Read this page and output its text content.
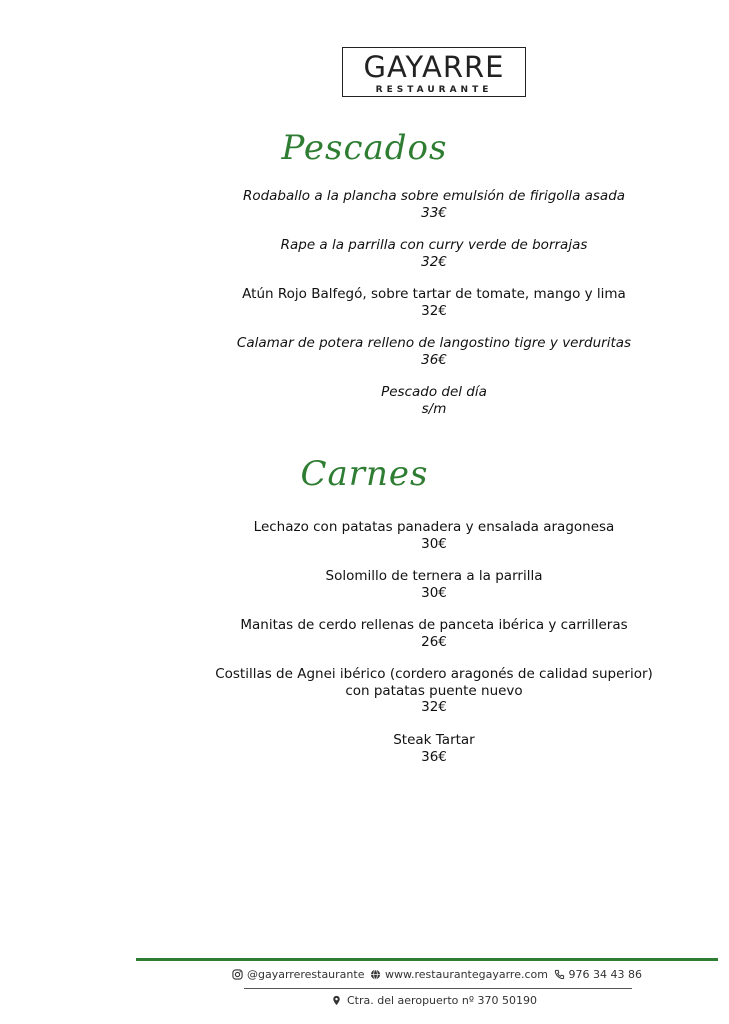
GAYARRE
RESTAURANTE
Pescados
Rodaballo a la plancha sobre emulsión de firigolla asada
33€
Rape a la parrilla con curry verde de borrajas
32€
Atún Rojo Balfegó, sobre tartar de tomate, mango y lima
32€
Calamar de potera relleno de langostino tigre y verduritas
36€
Pescado del día
s/m
Carnes
Lechazo con patatas panadera y ensalada aragonesa
30€
Solomillo de ternera a la parrilla
30€
Manitas de cerdo rellenas de panceta ibérica y carrilleras
26€
Costillas de Agnei ibérico (cordero aragonés de calidad superior)
con patatas puente nuevo
32€
Steak Tartar
36€
@gayarrerestaurante www.restaurantegayarre.com 976 34 43 86
Ctra. del aeropuerto nº 370 50190
